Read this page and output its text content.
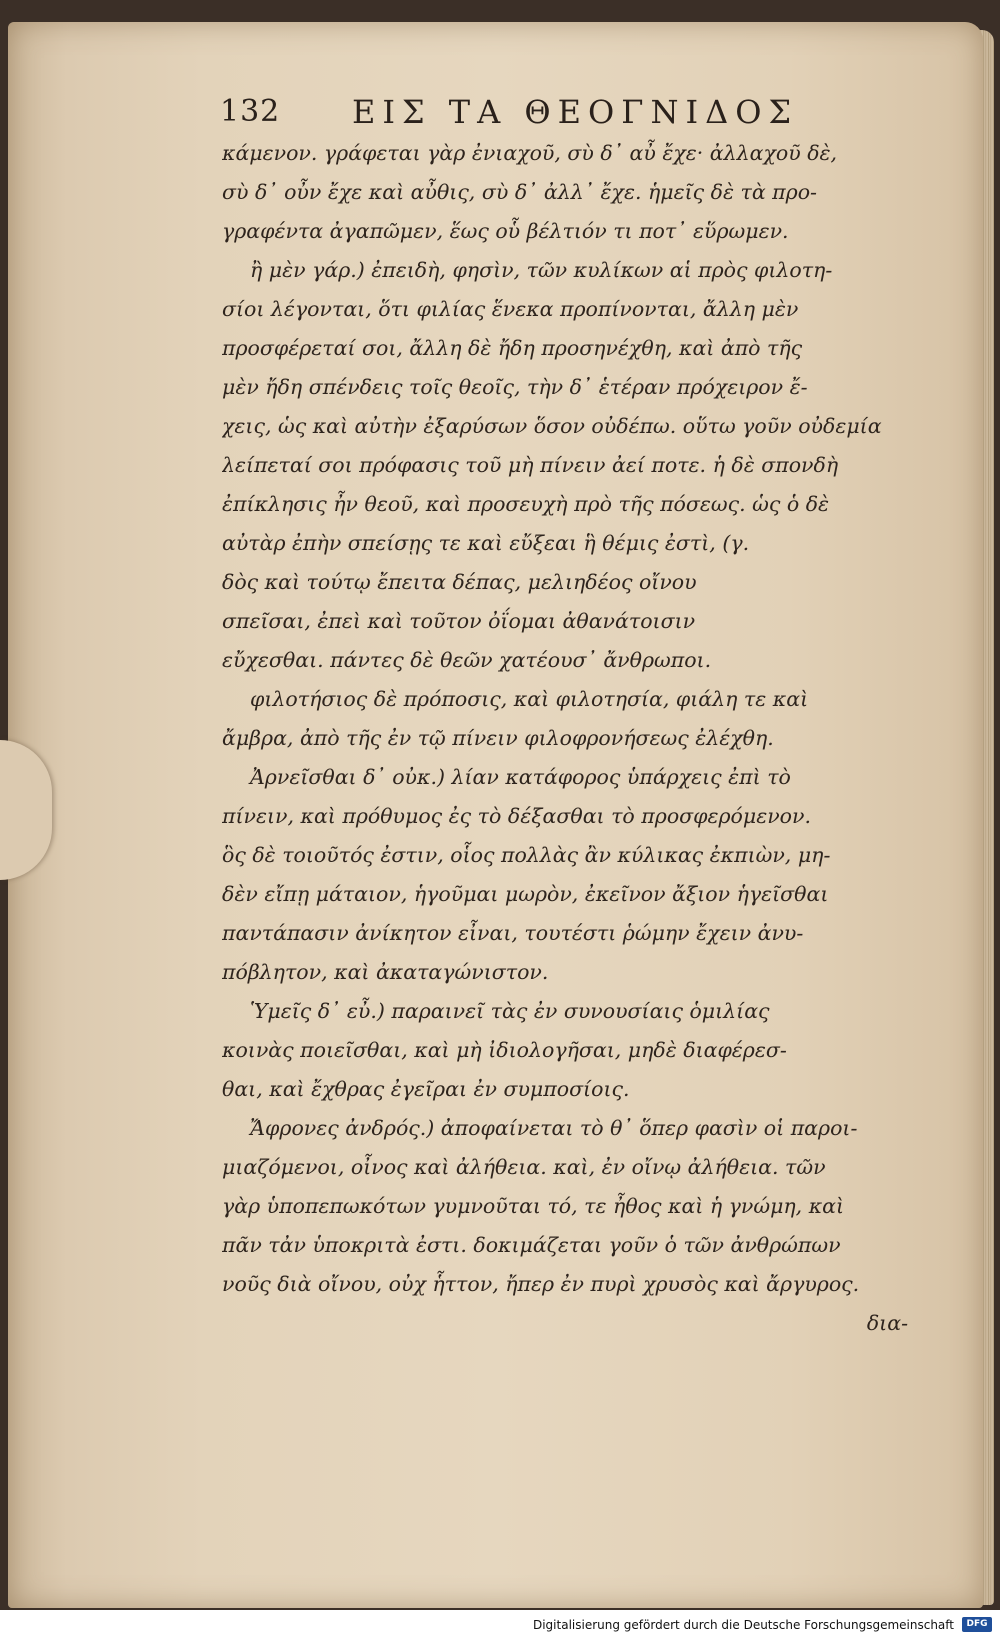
132 ΕΙΣ ΤΑ ΘΕΟΓΝΙΔΟΣ
κάμενον. γράφεται γὰρ ἐνιαχοῦ, σὺ δ᾽ αὖ ἔχε· ἀλλαχοῦ δὲ,
σὺ δ᾽ οὖν ἔχε καὶ αὖθις, σὺ δ᾽ ἀλλ᾽ ἔχε. ἡμεῖς δὲ τὰ προ-
γραφέντα ἀγαπῶμεν, ἕως οὗ βέλτιόν τι ποτ᾽ εὕρωμεν.
ἢ μὲν γάρ.) ἐπειδὴ, φησὶν, τῶν κυλίκων αἱ πρὸς φιλοτη-
σίοι λέγονται, ὅτι φιλίας ἕνεκα προπίνονται, ἄλλη μὲν
προσφέρεταί σοι, ἄλλη δὲ ἤδη προσηνέχθη, καὶ ἀπὸ τῆς
μὲν ἤδη σπένδεις τοῖς θεοῖς, τὴν δ᾽ ἑτέραν πρόχειρον ἔ-
χεις, ὡς καὶ αὐτὴν ἐξαρύσων ὅσον οὐδέπω. οὕτω γοῦν οὐδεμία
λείπεταί σοι πρόφασις τοῦ μὴ πίνειν ἀεί ποτε. ἡ δὲ σπονδὴ
ἐπίκλησις ἦν θεοῦ, καὶ προσευχὴ πρὸ τῆς πόσεως. ὡς ὁ δὲ
αὐτὰρ ἐπὴν σπείσῃς τε καὶ εὔξεαι ἣ θέμις ἐστὶ, (γ.
δὸς καὶ τούτῳ ἔπειτα δέπας, μελιηδέος οἴνου
σπεῖσαι, ἐπεὶ καὶ τοῦτον ὀΐομαι ἀθανάτοισιν
εὔχεσθαι. πάντες δὲ θεῶν χατέουσ᾽ ἄνθρωποι.
φιλοτήσιος δὲ πρόποσις, καὶ φιλοτησία, φιάλη τε καὶ
ἄμβρα, ἀπὸ τῆς ἐν τῷ πίνειν φιλοφρονήσεως ἐλέχθη.
Ἀρνεῖσθαι δ᾽ οὐκ.) λίαν κατάφορος ὑπάρχεις ἐπὶ τὸ
πίνειν, καὶ πρόθυμος ἐς τὸ δέξασθαι τὸ προσφερόμενον.
ὃς δὲ τοιοῦτός ἐστιν, οἷος πολλὰς ἂν κύλικας ἐκπιὼν, μη-
δὲν εἴπῃ μάταιον, ἡγοῦμαι μωρὸν, ἐκεῖνον ἄξιον ἡγεῖσθαι
παντάπασιν ἀνίκητον εἶναι, τουτέστι ῥώμην ἔχειν ἀνυ-
πόβλητον, καὶ ἀκαταγώνιστον.
Ὑμεῖς δ᾽ εὖ.) παραινεῖ τὰς ἐν συνουσίαις ὁμιλίας
κοινὰς ποιεῖσθαι, καὶ μὴ ἰδιολογῆσαι, μηδὲ διαφέρεσ-
θαι, καὶ ἔχθρας ἐγεῖραι ἐν συμποσίοις.
Ἄφρονες ἀνδρός.) ἀποφαίνεται τὸ θ᾽ ὅπερ φασὶν οἱ παροι-
μιαζόμενοι, οἶνος καὶ ἀλήθεια. καὶ, ἐν οἴνῳ ἀλήθεια. τῶν
γὰρ ὑποπεπωκότων γυμνοῦται τό, τε ἦθος καὶ ἡ γνώμη, καὶ
πᾶν τἀν ὑποκριτὰ ἐστι. δοκιμάζεται γοῦν ὁ τῶν ἀνθρώπων
νοῦς διὰ οἴνου, οὐχ ἧττον, ἤπερ ἐν πυρὶ χρυσὸς καὶ ἄργυρος.
δια-
Digitalisierung gefördert durch die Deutsche Forschungsgemeinschaft	DFG
